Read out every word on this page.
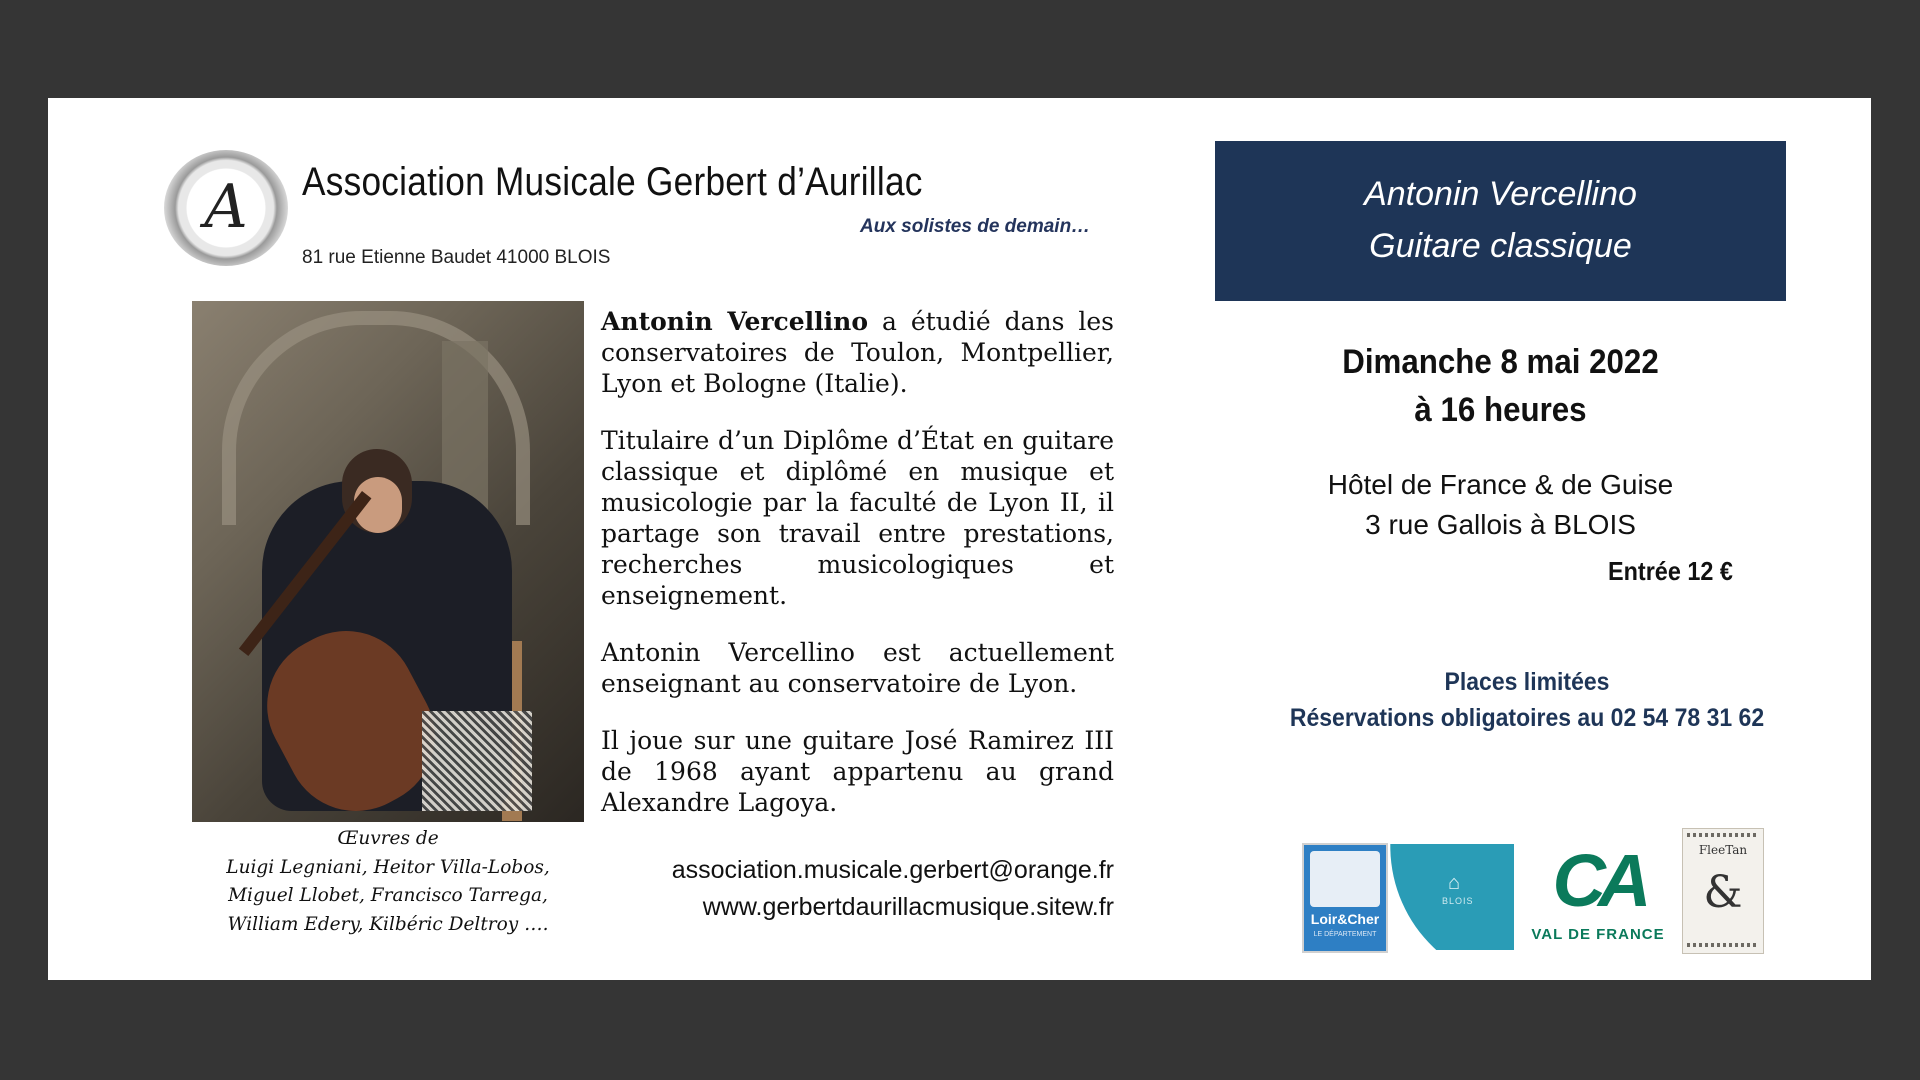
A	Association Musicale Gerbert d’Aurillac
Aux solistes de demain…
81 rue Etienne Baudet 41000 BLOIS
Œuvres de
Luigi Legniani, Heitor Villa-Lobos,
Miguel Llobet, Francisco Tarrega,
William Edery, Kilbéric Deltroy ….

Antonin Vercellino a étudié dans les conservatoires de Toulon, Montpellier, Lyon et Bologne (Italie).

Titulaire d’un Diplôme d’État en guitare classique et diplômé en musique et musicologie par la faculté de Lyon II, il partage son travail entre prestations, recherches musicologiques et enseignement.

Antonin Vercellino est actuellement enseignant au conservatoire de Lyon.

Il joue sur une guitare José Ramirez III de 1968 ayant appartenu au grand Alexandre Lagoya.

association.musicale.gerbert@orange.fr
www.gerbertdaurillacmusique.sitew.fr
Antonin Vercellino
Guitare classique
Dimanche 8 mai 2022
à 16 heures
Hôtel de France & de Guise
3 rue Gallois à BLOIS
Entrée 12 €
Places limitées
Réservations obligatoires au 02 54 78 31 62
Loir&Cher
LE DÉPARTEMENT
⌂
BLOIS CA
VAL DE FRANCE
FleeTan
&
